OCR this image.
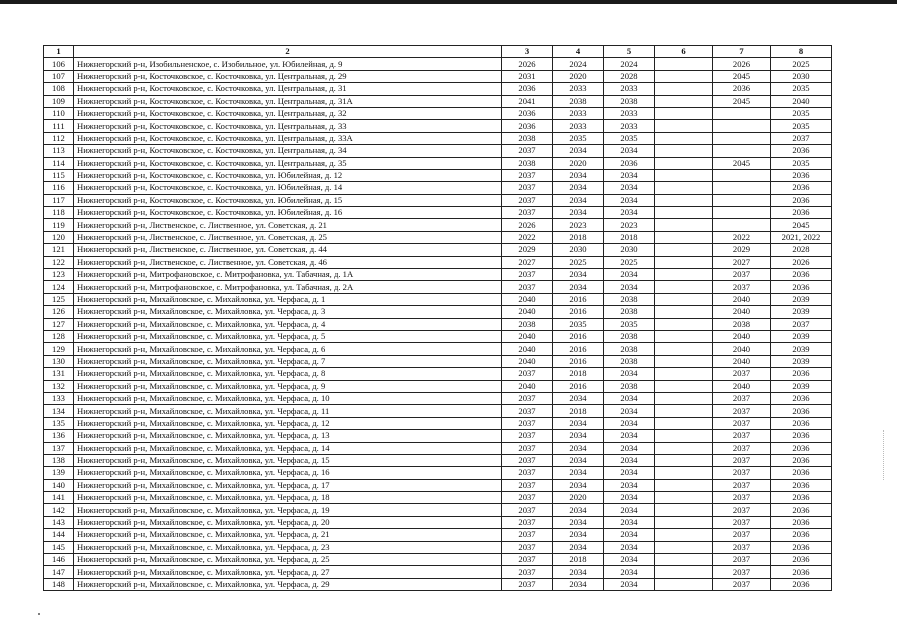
1	2	3	4	5	6	7	8
106	Нижнегорский р-н, Изобильненское, с. Изобильное, ул. Юбилейная, д. 9	2026	2024	2024		2026	2025
107	Нижнегорский р-н, Косточковское, с. Косточковка, ул. Центральная, д. 29	2031	2020	2028		2045	2030
108	Нижнегорский р-н, Косточковское, с. Косточковка, ул. Центральная, д. 31	2036	2033	2033		2036	2035
109	Нижнегорский р-н, Косточковское, с. Косточковка, ул. Центральная, д. 31А	2041	2038	2038		2045	2040
110	Нижнегорский р-н, Косточковское, с. Косточковка, ул. Центральная, д. 32	2036	2033	2033			2035
111	Нижнегорский р-н, Косточковское, с. Косточковка, ул. Центральная, д. 33	2036	2033	2033			2035
112	Нижнегорский р-н, Косточковское, с. Косточковка, ул. Центральная, д. 33А	2038	2035	2035			2037
113	Нижнегорский р-н, Косточковское, с. Косточковка, ул. Центральная, д. 34	2037	2034	2034			2036
114	Нижнегорский р-н, Косточковское, с. Косточковка, ул. Центральная, д. 35	2038	2020	2036		2045	2035
115	Нижнегорский р-н, Косточковское, с. Косточковка, ул. Юбилейная, д. 12	2037	2034	2034			2036
116	Нижнегорский р-н, Косточковское, с. Косточковка, ул. Юбилейная, д. 14	2037	2034	2034			2036
117	Нижнегорский р-н, Косточковское, с. Косточковка, ул. Юбилейная, д. 15	2037	2034	2034			2036
118	Нижнегорский р-н, Косточковское, с. Косточковка, ул. Юбилейная, д. 16	2037	2034	2034			2036
119	Нижнегорский р-н, Лиственское, с. Лиственное, ул. Советская, д. 21	2026	2023	2023			2045
120	Нижнегорский р-н, Лиственское, с. Лиственное, ул. Советская, д. 25	2022	2018	2018		2022	2021, 2022
121	Нижнегорский р-н, Лиственское, с. Лиственное, ул. Советская, д. 44	2029	2030	2030		2029	2028
122	Нижнегорский р-н, Лиственское, с. Лиственное, ул. Советская, д. 46	2027	2025	2025		2027	2026
123	Нижнегорский р-н, Митрофановское, с. Митрофановка, ул. Табачная, д. 1А	2037	2034	2034		2037	2036
124	Нижнегорский р-н, Митрофановское, с. Митрофановка, ул. Табачная, д. 2А	2037	2034	2034		2037	2036
125	Нижнегорский р-н, Михайловское, с. Михайловка, ул. Черфаса, д. 1	2040	2016	2038		2040	2039
126	Нижнегорский р-н, Михайловское, с. Михайловка, ул. Черфаса, д. 3	2040	2016	2038		2040	2039
127	Нижнегорский р-н, Михайловское, с. Михайловка, ул. Черфаса, д. 4	2038	2035	2035		2038	2037
128	Нижнегорский р-н, Михайловское, с. Михайловка, ул. Черфаса, д. 5	2040	2016	2038		2040	2039
129	Нижнегорский р-н, Михайловское, с. Михайловка, ул. Черфаса, д. 6	2040	2016	2038		2040	2039
130	Нижнегорский р-н, Михайловское, с. Михайловка, ул. Черфаса, д. 7	2040	2016	2038		2040	2039
131	Нижнегорский р-н, Михайловское, с. Михайловка, ул. Черфаса, д. 8	2037	2018	2034		2037	2036
132	Нижнегорский р-н, Михайловское, с. Михайловка, ул. Черфаса, д. 9	2040	2016	2038		2040	2039
133	Нижнегорский р-н, Михайловское, с. Михайловка, ул. Черфаса, д. 10	2037	2034	2034		2037	2036
134	Нижнегорский р-н, Михайловское, с. Михайловка, ул. Черфаса, д. 11	2037	2018	2034		2037	2036
135	Нижнегорский р-н, Михайловское, с. Михайловка, ул. Черфаса, д. 12	2037	2034	2034		2037	2036
136	Нижнегорский р-н, Михайловское, с. Михайловка, ул. Черфаса, д. 13	2037	2034	2034		2037	2036
137	Нижнегорский р-н, Михайловское, с. Михайловка, ул. Черфаса, д. 14	2037	2034	2034		2037	2036
138	Нижнегорский р-н, Михайловское, с. Михайловка, ул. Черфаса, д. 15	2037	2034	2034		2037	2036
139	Нижнегорский р-н, Михайловское, с. Михайловка, ул. Черфаса, д. 16	2037	2034	2034		2037	2036
140	Нижнегорский р-н, Михайловское, с. Михайловка, ул. Черфаса, д. 17	2037	2034	2034		2037	2036
141	Нижнегорский р-н, Михайловское, с. Михайловка, ул. Черфаса, д. 18	2037	2020	2034		2037	2036
142	Нижнегорский р-н, Михайловское, с. Михайловка, ул. Черфаса, д. 19	2037	2034	2034		2037	2036
143	Нижнегорский р-н, Михайловское, с. Михайловка, ул. Черфаса, д. 20	2037	2034	2034		2037	2036
144	Нижнегорский р-н, Михайловское, с. Михайловка, ул. Черфаса, д. 21	2037	2034	2034		2037	2036
145	Нижнегорский р-н, Михайловское, с. Михайловка, ул. Черфаса, д. 23	2037	2034	2034		2037	2036
146	Нижнегорский р-н, Михайловское, с. Михайловка, ул. Черфаса, д. 25	2037	2018	2034		2037	2036
147	Нижнегорский р-н, Михайловское, с. Михайловка, ул. Черфаса, д. 27	2037	2034	2034		2037	2036
148	Нижнегорский р-н, Михайловское, с. Михайловка, ул. Черфаса, д. 29	2037	2034	2034		2037	2036
